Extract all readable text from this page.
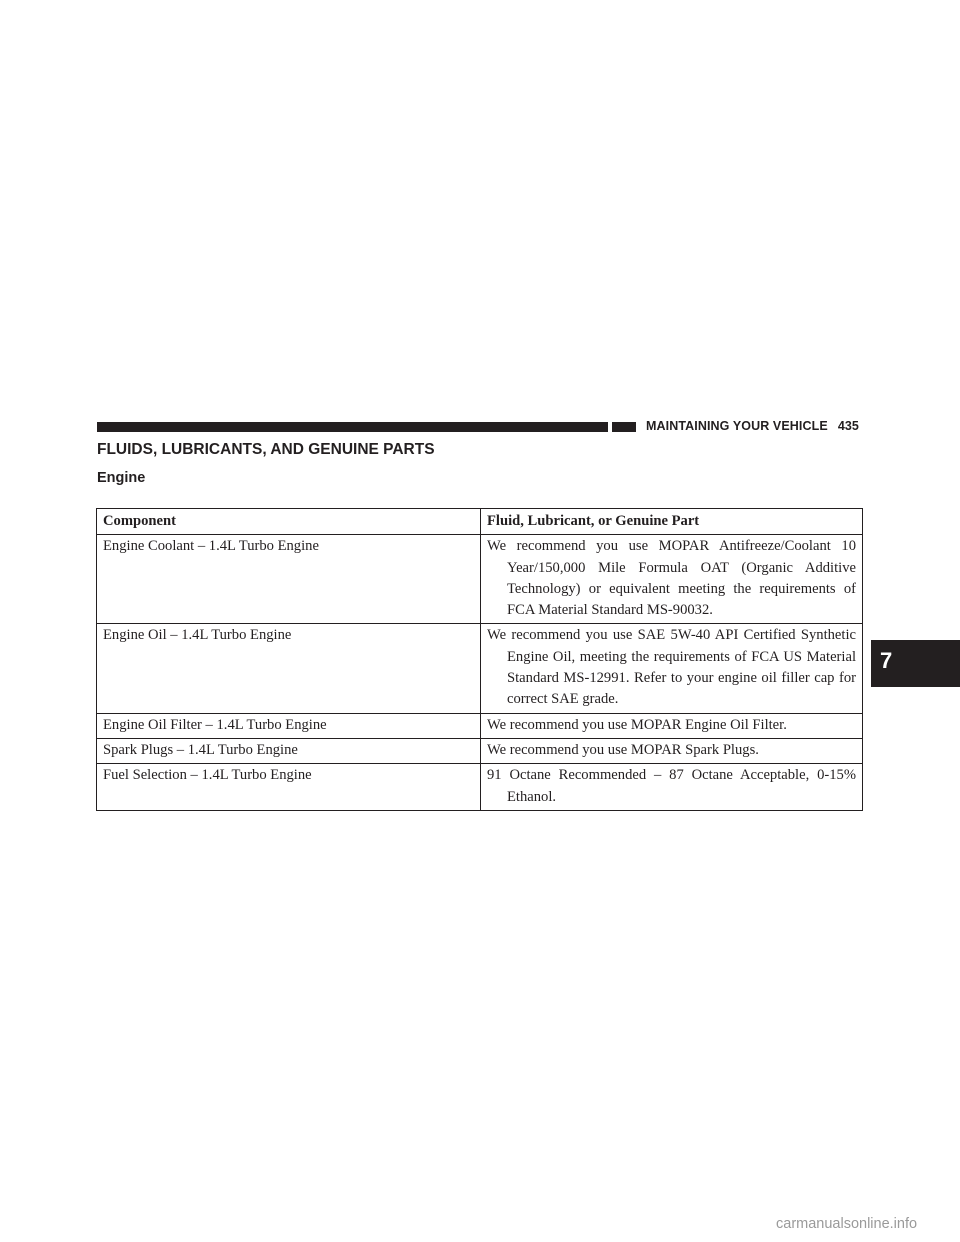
MAINTAINING YOUR VEHICLE 435
FLUIDS, LUBRICANTS, AND GENUINE PARTS
Engine
Component	Fluid, Lubricant, or Genuine Part
Engine Coolant – 1.4L Turbo Engine	We recommend you use MOPAR Antifreeze/Coolant 10 Year/150,000 Mile Formula OAT (Organic Additive Technology) or equivalent meeting the requirements of FCA Material Standard MS-90032.

Engine Oil – 1.4L Turbo Engine	We recommend you use SAE 5W-40 API Certified Synthetic Engine Oil, meeting the requirements of FCA US Material Standard MS-12991. Refer to your engine oil filler cap for correct SAE grade.

Engine Oil Filter – 1.4L Turbo Engine	We recommend you use MOPAR Engine Oil Filter.

Spark Plugs – 1.4L Turbo Engine	We recommend you use MOPAR Spark Plugs.

Fuel Selection – 1.4L Turbo Engine	91 Octane Recommended – 87 Octane Acceptable, 0-15% Ethanol.
7
carmanualsonline.info
